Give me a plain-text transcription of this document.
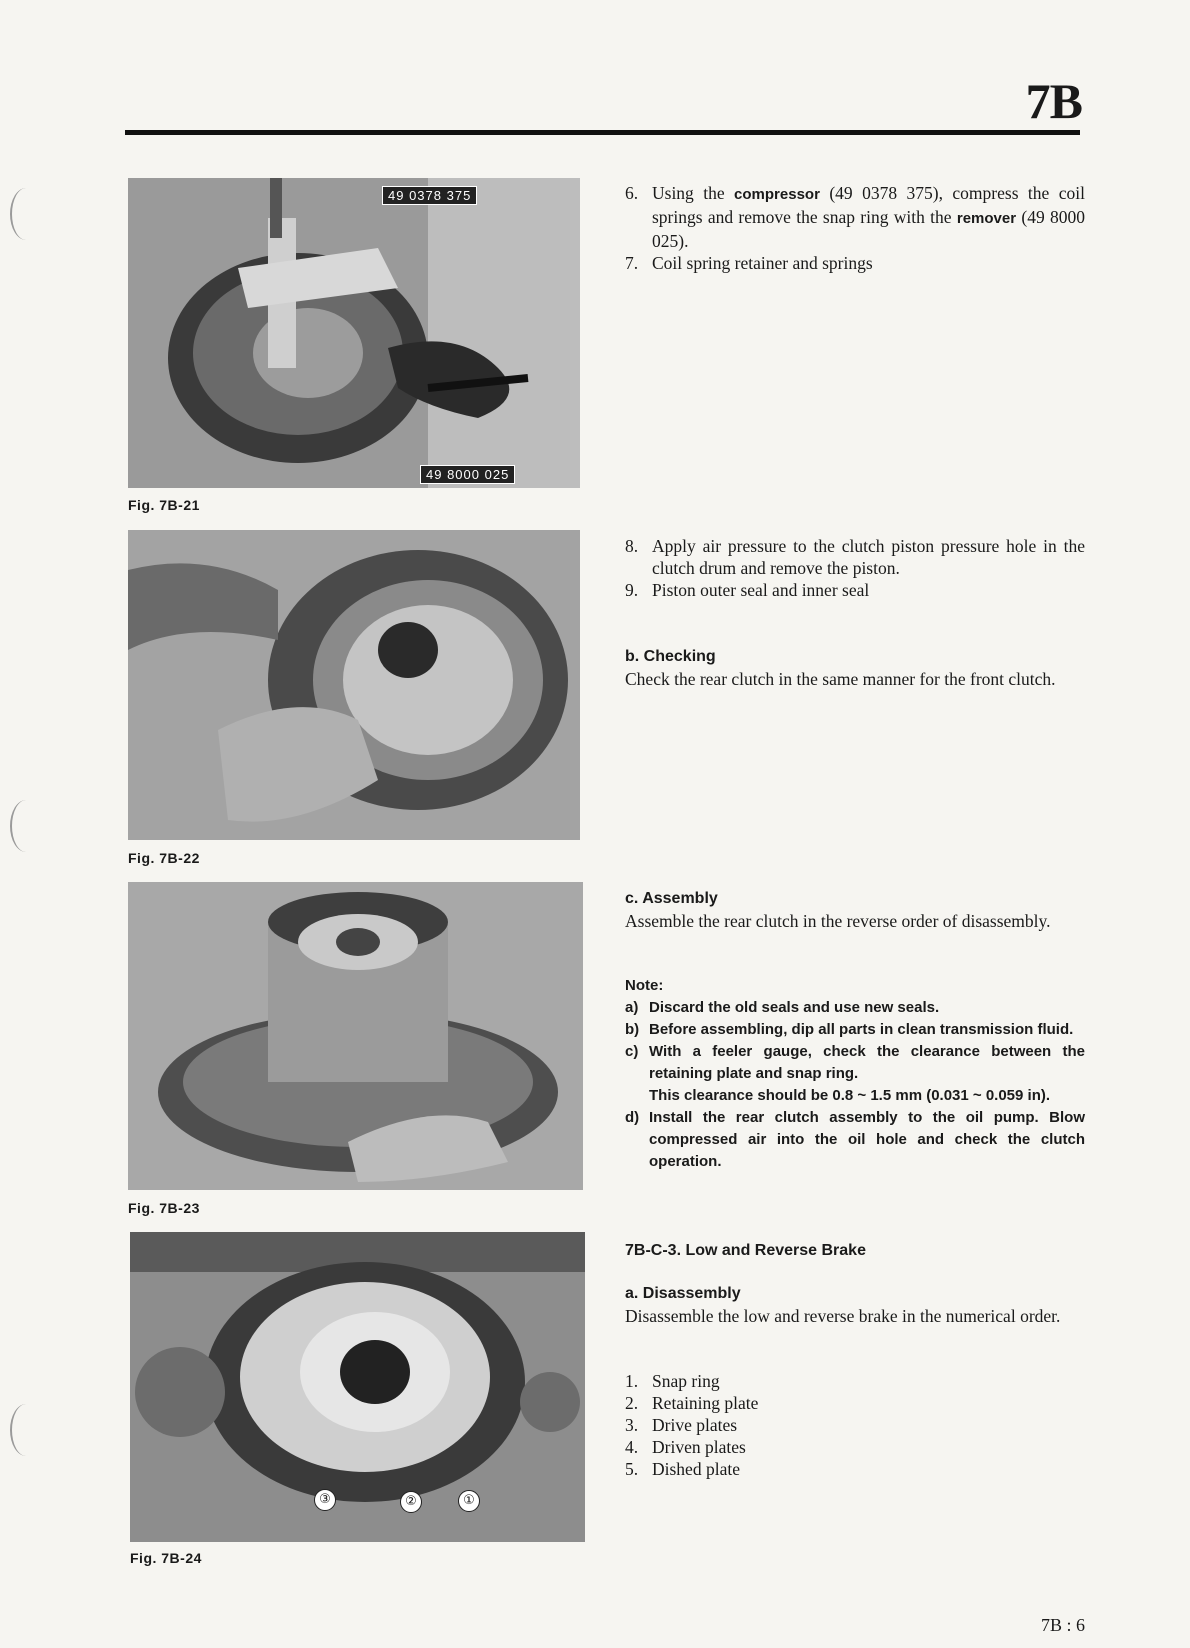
7B
49 0378 375
49 8000 025
Fig. 7B-21
Fig. 7B-22
Fig. 7B-23
③	②	①
Fig. 7B-24
6. Using the compressor (49 0378 375), compress the coil springs and remove the snap ring with the remover (49 8000 025).
7. Coil spring retainer and springs
8. Apply air pressure to the clutch piston pressure hole in the clutch drum and remove the piston.
9. Piston outer seal and inner seal
b. Checking
Check the rear clutch in the same manner for the front clutch.
c. Assembly
Assemble the rear clutch in the reverse order of disassembly.
Note:
a) Discard the old seals and use new seals.
b) Before assembling, dip all parts in clean transmission fluid.
c) With a feeler gauge, check the clearance between the retaining plate and snap ring.
This clearance should be 0.8 ~ 1.5 mm (0.031 ~ 0.059 in).
d) Install the rear clutch assembly to the oil pump. Blow compressed air into the oil hole and check the clutch operation.
7B-C-3. Low and Reverse Brake
a. Disassembly
Disassemble the low and reverse brake in the numerical order.
1. Snap ring
2. Retaining plate
3. Drive plates
4. Driven plates
5. Dished plate
7B : 6
